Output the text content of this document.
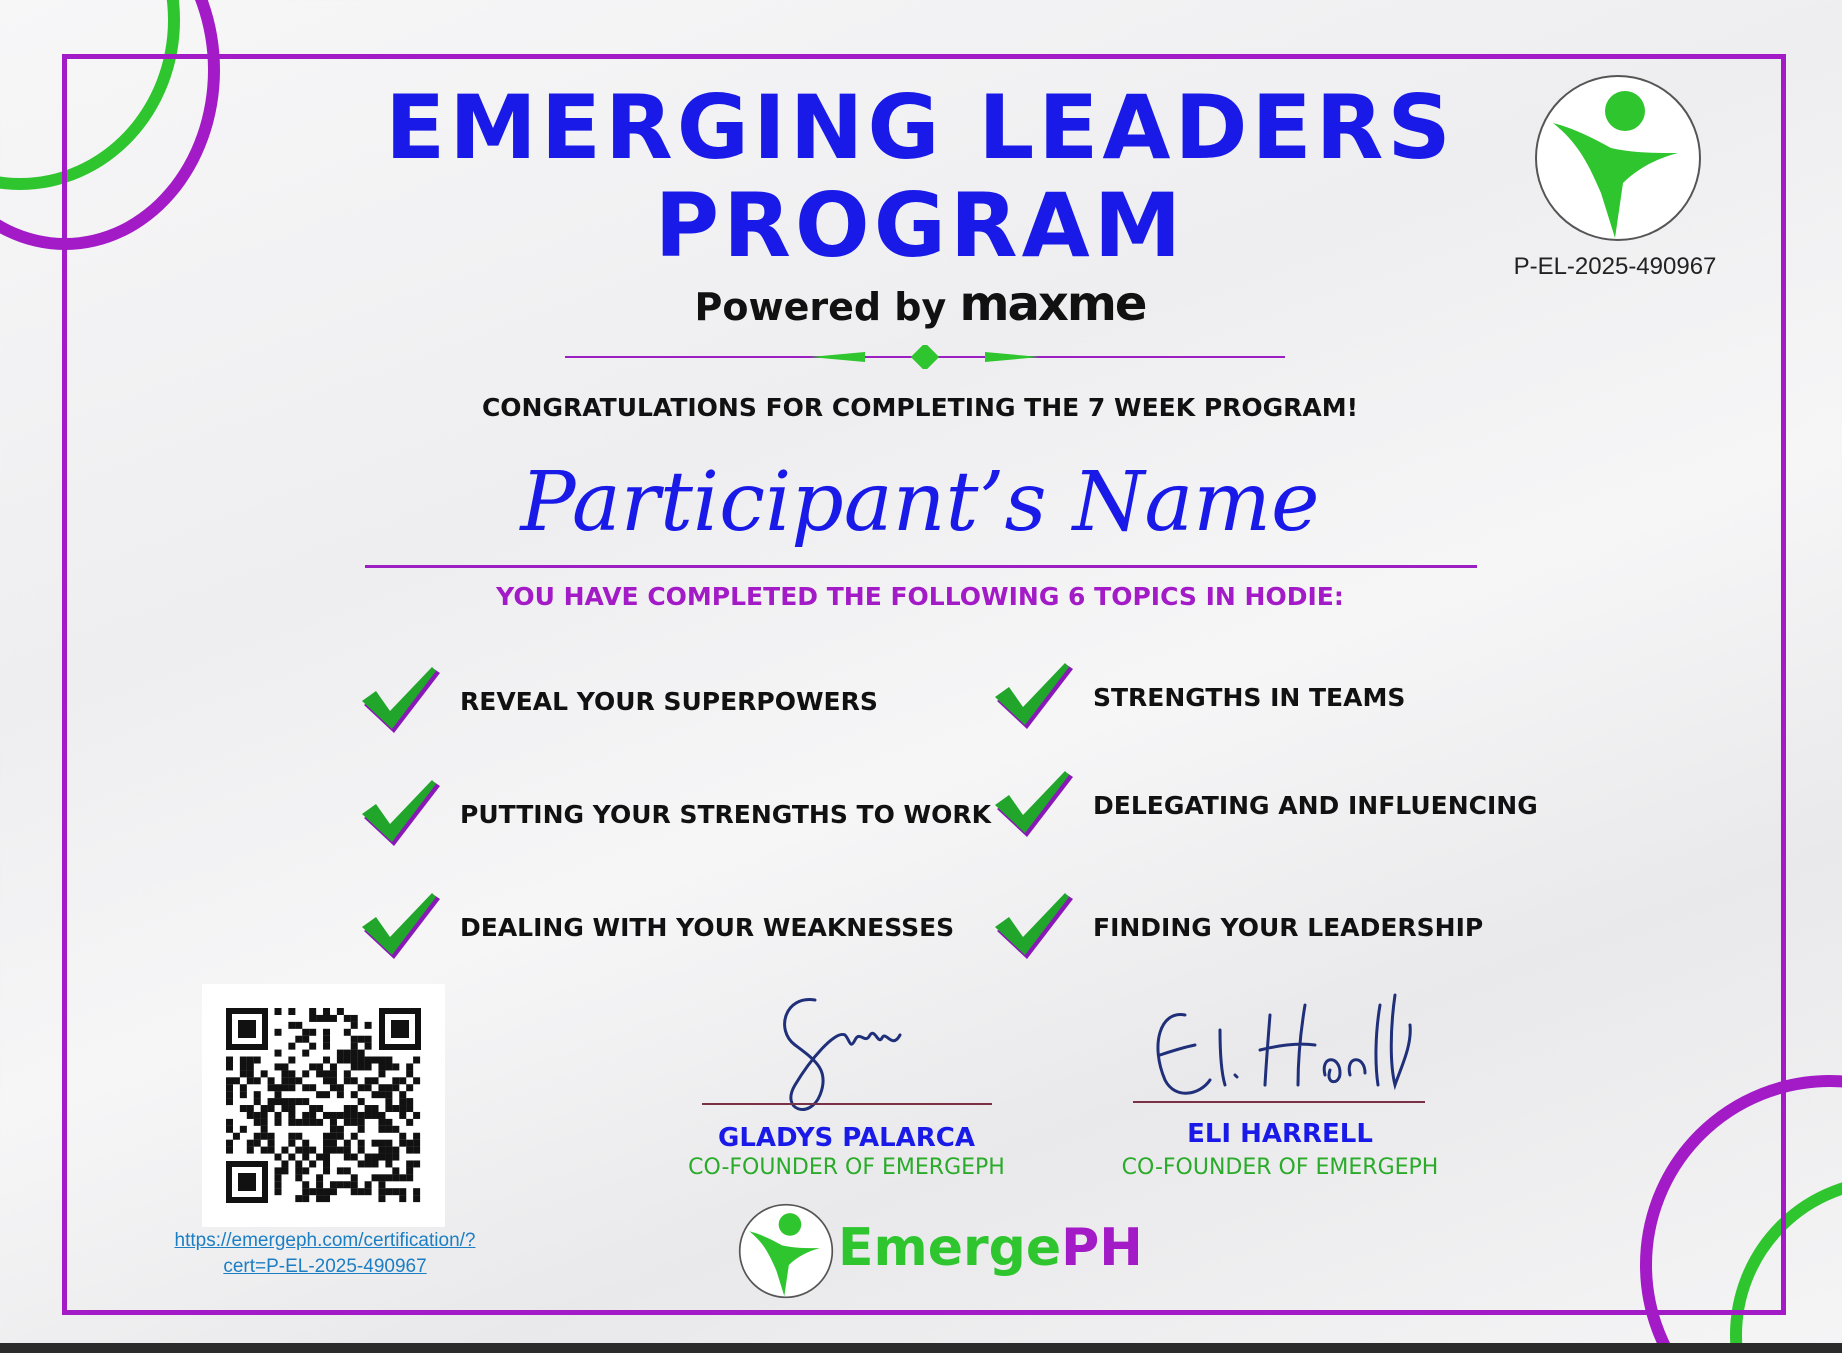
EMERGING LEADERS
PROGRAM
Powered by maxme
P-EL-2025-490967
CONGRATULATIONS FOR COMPLETING THE 7 WEEK PROGRAM!
Participant’s Name
YOU HAVE COMPLETED THE FOLLOWING 6 TOPICS IN HODIE:
REVEAL YOUR SUPERPOWERS	STRENGTHS IN TEAMS
PUTTING YOUR STRENGTHS TO WORK	DELEGATING AND INFLUENCING
DEALING WITH YOUR WEAKNESSES	FINDING YOUR LEADERSHIP
https://emergeph.com/certification/?
cert=P-EL-2025-490967
GLADYS PALARCA
CO-FOUNDER OF EMERGEPH
ELI HARRELL
CO-FOUNDER OF EMERGEPH
EmergePH
